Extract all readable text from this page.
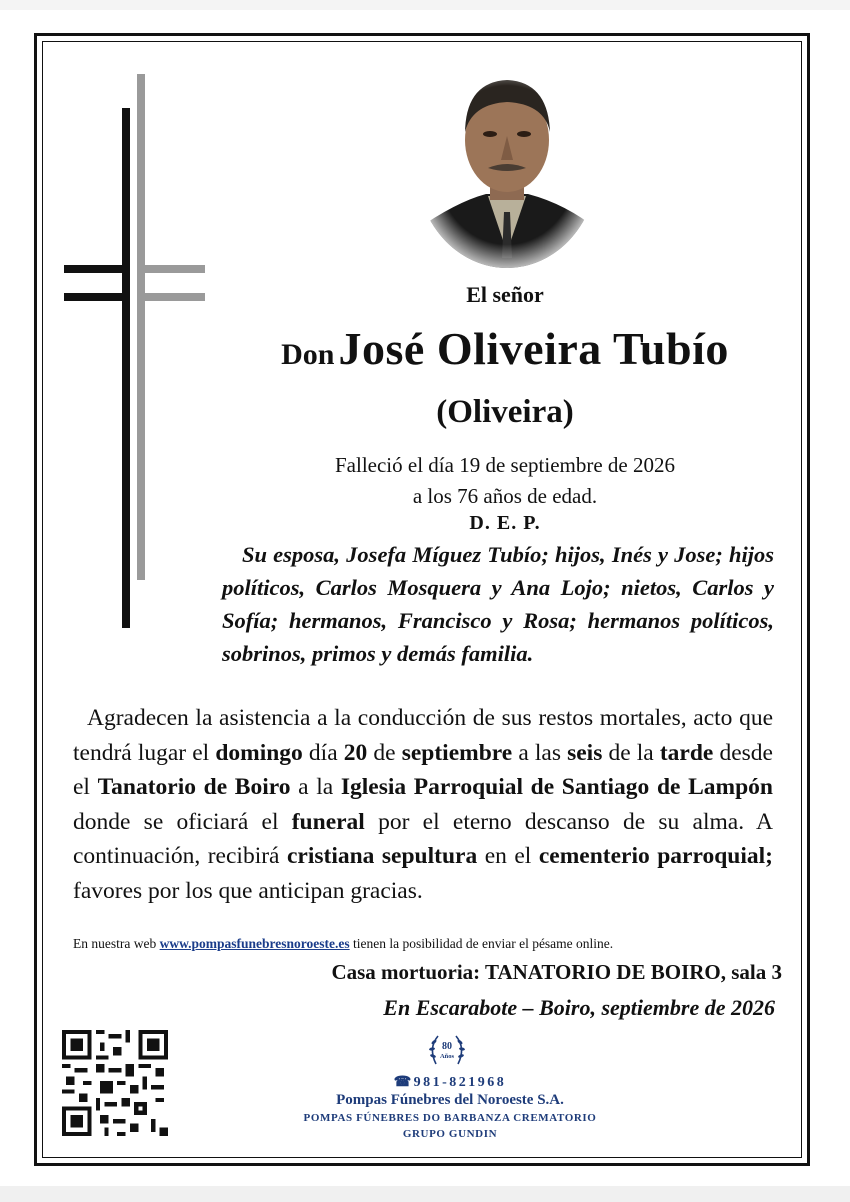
El señor
Don José Oliveira Tubío
(Oliveira)
Falleció el día 19 de septiembre de 2026
a los 76 años de edad.
D. E. P.
Su esposa, Josefa Míguez Tubío; hijos, Inés y Jose; hijos políticos, Carlos Mosquera y Ana Lojo; nietos, Carlos y Sofía; hermanos, Francisco y Rosa; hermanos políticos, sobrinos, primos y demás familia.
Agradecen la asistencia a la conducción de sus restos mortales, acto que tendrá lugar el domingo día 20 de septiembre a las seis de la tarde desde el Tanatorio de Boiro a la Iglesia Parroquial de Santiago de Lampón donde se oficiará el funeral por el eterno descanso de su alma. A continuación, recibirá cristiana sepultura en el cementerio parroquial; favores por los que anticipan gracias.
En nuestra web www.pompasfunebresnoroeste.es tienen la posibilidad de enviar el pésame online.
Casa mortuoria: TANATORIO DE BOIRO, sala 3
En Escarabote – Boiro, septiembre de 2026
80
Años
☎981-821968
Pompas Fúnebres del Noroeste S.A.
POMPAS FÚNEBRES DO BARBANZA CREMATORIO
GRUPO GUNDIN
